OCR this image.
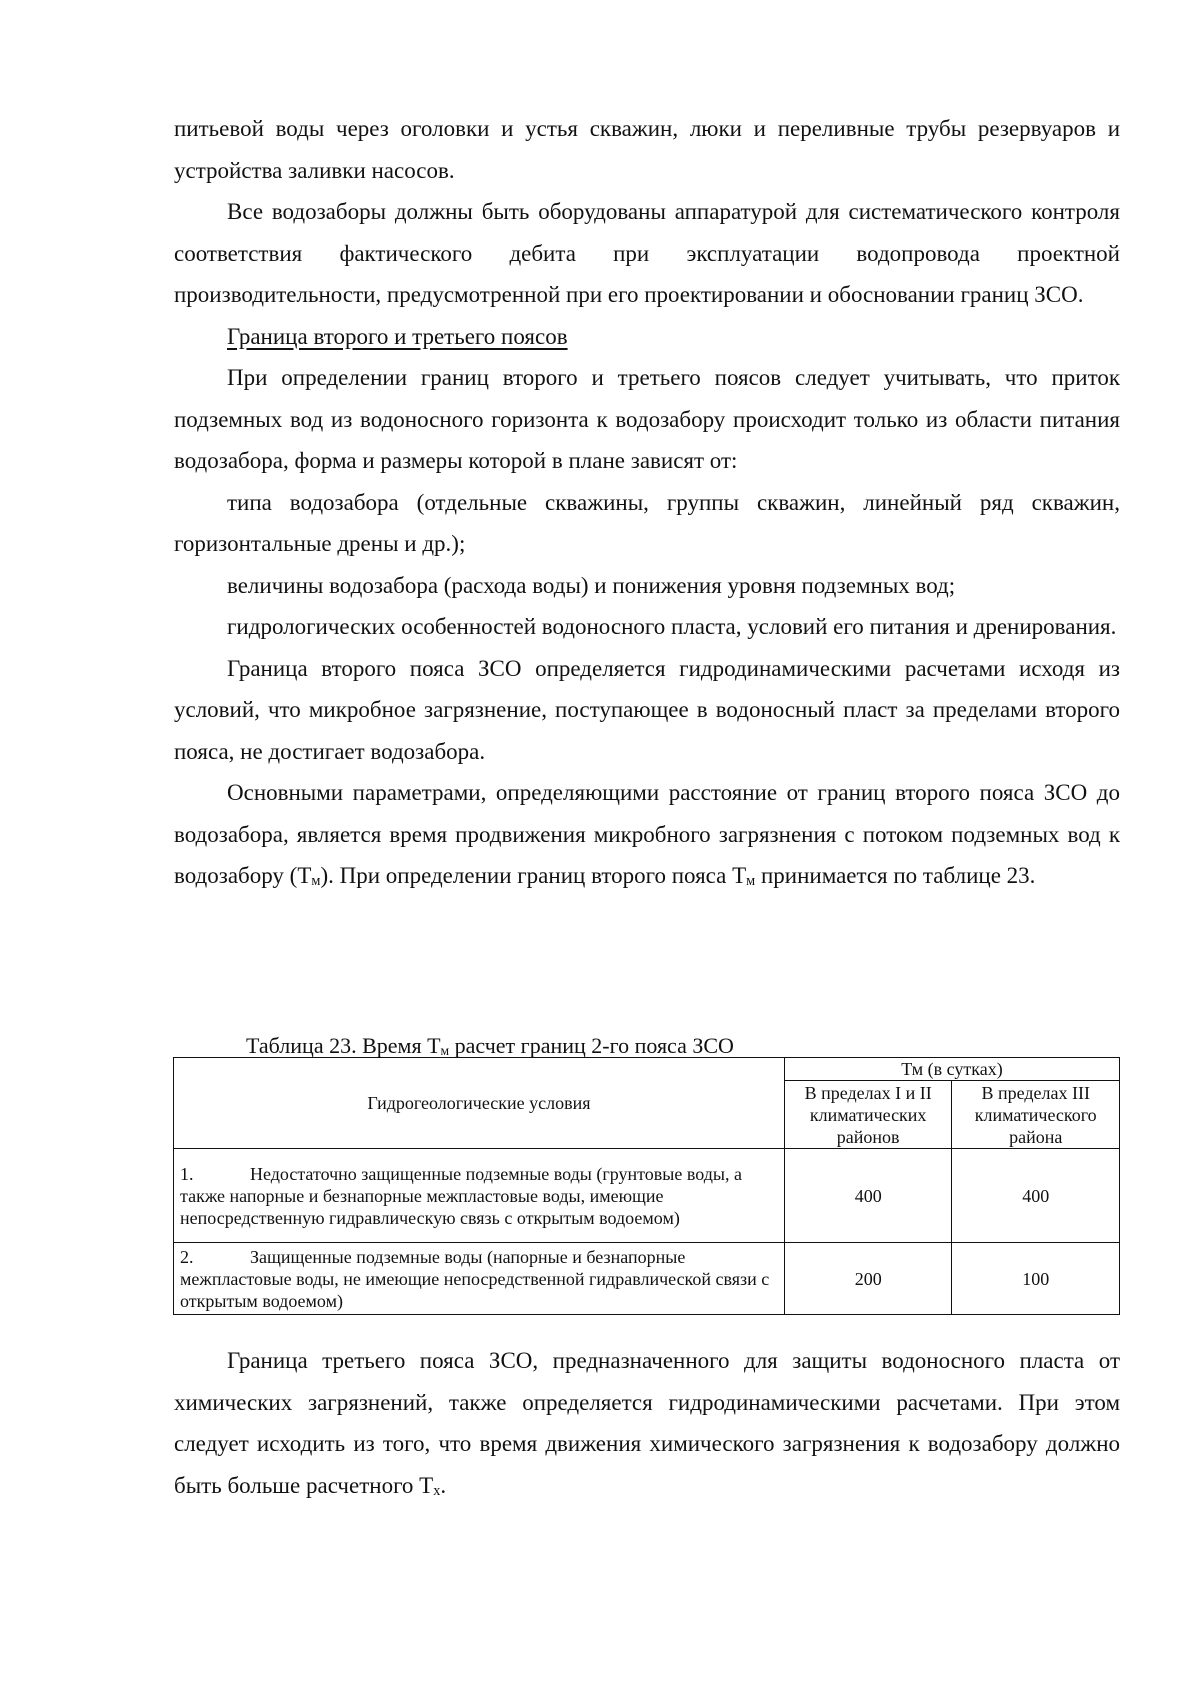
питьевой воды через оголовки и устья скважин, люки и переливные трубы резервуаров и устройства заливки насосов.

Все водозаборы должны быть оборудованы аппаратурой для систематического контроля соответствия фактического дебита при эксплуатации водопровода проектной производительности, предусмотренной при его проектировании и обосновании границ ЗСО.

Граница второго и третьего поясов

При определении границ второго и третьего поясов следует учитывать, что приток подземных вод из водоносного горизонта к водозабору происходит только из области питания водозабора, форма и размеры которой в плане зависят от:

типа водозабора (отдельные скважины, группы скважин, линейный ряд скважин, горизонтальные дрены и др.);

величины водозабора (расхода воды) и понижения уровня подземных вод;

гидрологических особенностей водоносного пласта, условий его питания и дренирования.

Граница второго пояса ЗСО определяется гидродинамическими расчетами исходя из условий, что микробное загрязнение, поступающее в водоносный пласт за пределами второго пояса, не достигает водозабора.

Основными параметрами, определяющими расстояние от границ второго пояса ЗСО до водозабора, является время продвижения микробного загрязнения с потоком подземных вод к водозабору $(Т_м)$. При определении границ второго пояса $Т_м$ принимается по таблице 23.

Таблица 23. Время $Т_м$ расчет границ 2-го пояса ЗСО
Гидрогеологические условия	Тм (в сутках)	
	В пределах I и II климатических районов	В пределах III климатического района
1. Недостаточно защищенные подземные воды (грунтовые воды, а также напорные и безнапорные межпластовые воды, имеющие непосредственную гидравлическую связь с открытым водоемом)	400	400
2. Защищенные подземные воды (напорные и безнапорные межпластовые воды, не имеющие непосредственной гидравлической связи с открытым водоемом)	200	100

Граница третьего пояса ЗСО, предназначенного для защиты водоносного пласта от химических загрязнений, также определяется гидродинамическими расчетами. При этом следует исходить из того, что время движения химического загрязнения к водозабору должно быть больше расчетного $Т_х$.
